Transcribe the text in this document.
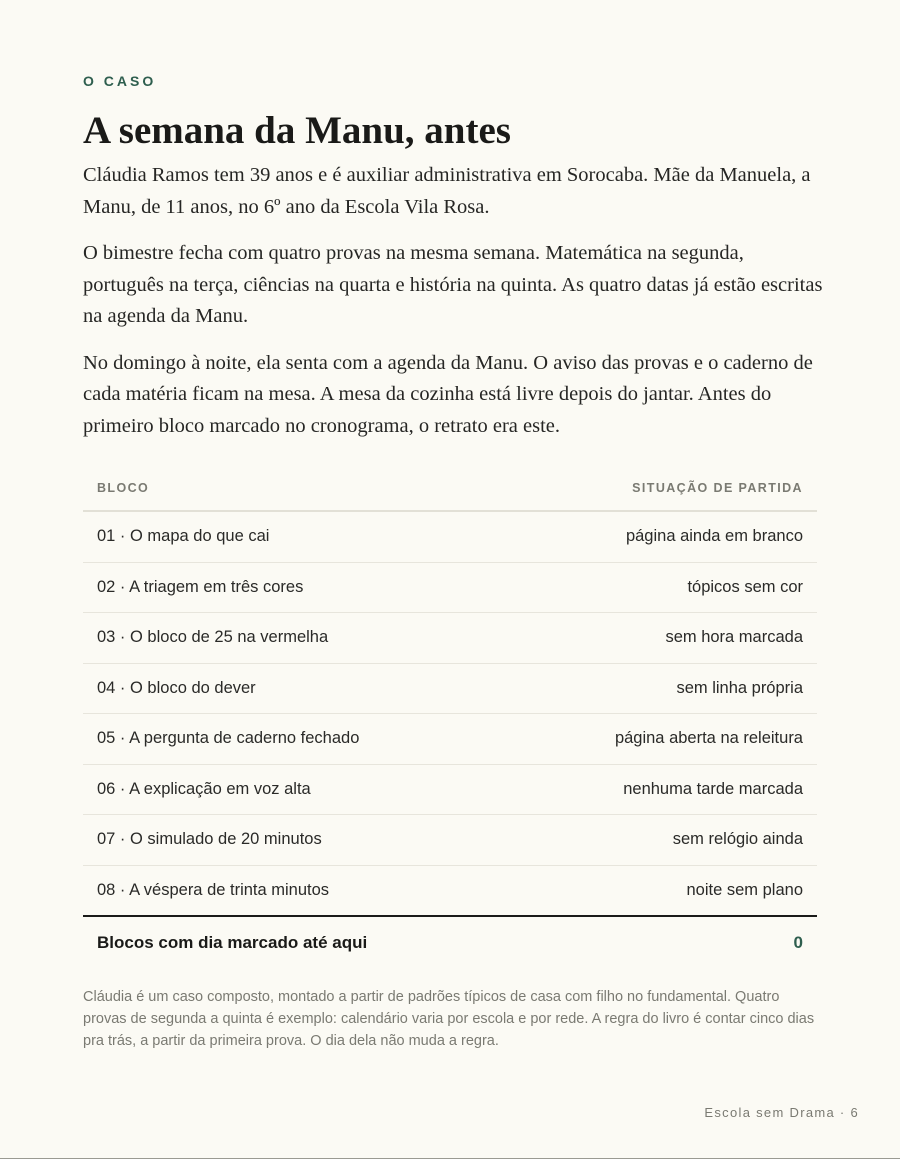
O CASO
A semana da Manu, antes

Cláudia Ramos tem 39 anos e é auxiliar administrativa em Sorocaba. Mãe da Manuela, a Manu, de 11 anos, no 6º ano da Escola Vila Rosa.

O bimestre fecha com quatro provas na mesma semana. Matemática na segunda, português na terça, ciências na quarta e história na quinta. As quatro datas já estão escritas na agenda da Manu.

No domingo à noite, ela senta com a agenda da Manu. O aviso das provas e o caderno de cada matéria ficam na mesa. A mesa da cozinha está livre depois do jantar. Antes do primeiro bloco marcado no cronograma, o retrato era este.

BLOCO	SITUAÇÃO DE PARTIDA
01 · O mapa do que cai	página ainda em branco
02 · A triagem em três cores	tópicos sem cor
03 · O bloco de 25 na vermelha	sem hora marcada
04 · O bloco do dever	sem linha própria
05 · A pergunta de caderno fechado	página aberta na releitura
06 · A explicação em voz alta	nenhuma tarde marcada
07 · O simulado de 20 minutos	sem relógio ainda
08 · A véspera de trinta minutos	noite sem plano
Blocos com dia marcado até aqui	0

Cláudia é um caso composto, montado a partir de padrões típicos de casa com filho no fundamental. Quatro provas de segunda a quinta é exemplo: calendário varia por escola e por rede. A regra do livro é contar cinco dias pra trás, a partir da primeira prova. O dia dela não muda a regra.

Escola sem Drama · 6
